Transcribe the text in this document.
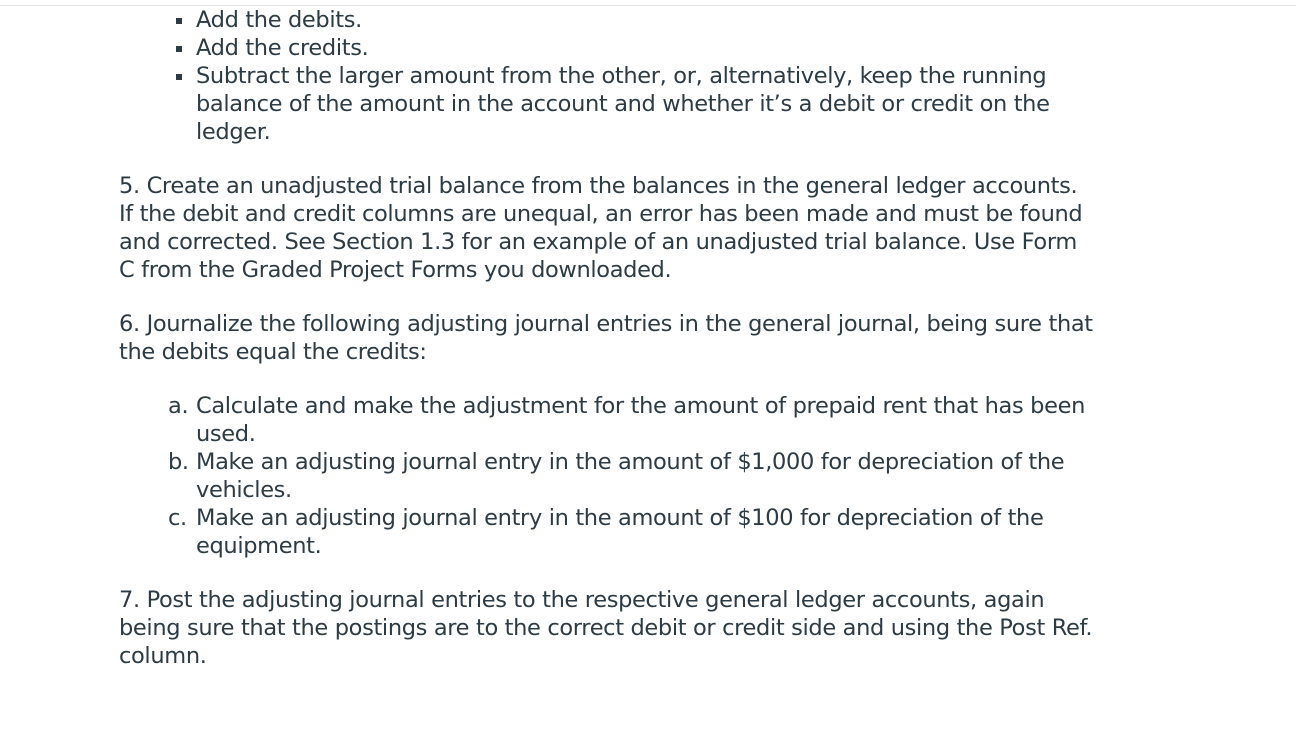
Add the debits.
Add the credits.
Subtract the larger amount from the other, or, alternatively, keep the running balance of the amount in the account and whether it’s a debit or credit on the ledger.

5. Create an unadjusted trial balance from the balances in the general ledger accounts. If the debit and credit columns are unequal, an error has been made and must be found and corrected. See Section 1.3 for an example of an unadjusted trial balance. Use Form C from the Graded Project Forms you downloaded.

6. Journalize the following adjusting journal entries in the general journal, being sure that the debits equal the credits:

a. Calculate and make the adjustment for the amount of prepaid rent that has been used.
b. Make an adjusting journal entry in the amount of $1,000 for depreciation of the vehicles.
c. Make an adjusting journal entry in the amount of $100 for depreciation of the equipment.

7. Post the adjusting journal entries to the respective general ledger accounts, again being sure that the postings are to the correct debit or credit side and using the Post Ref. column.
